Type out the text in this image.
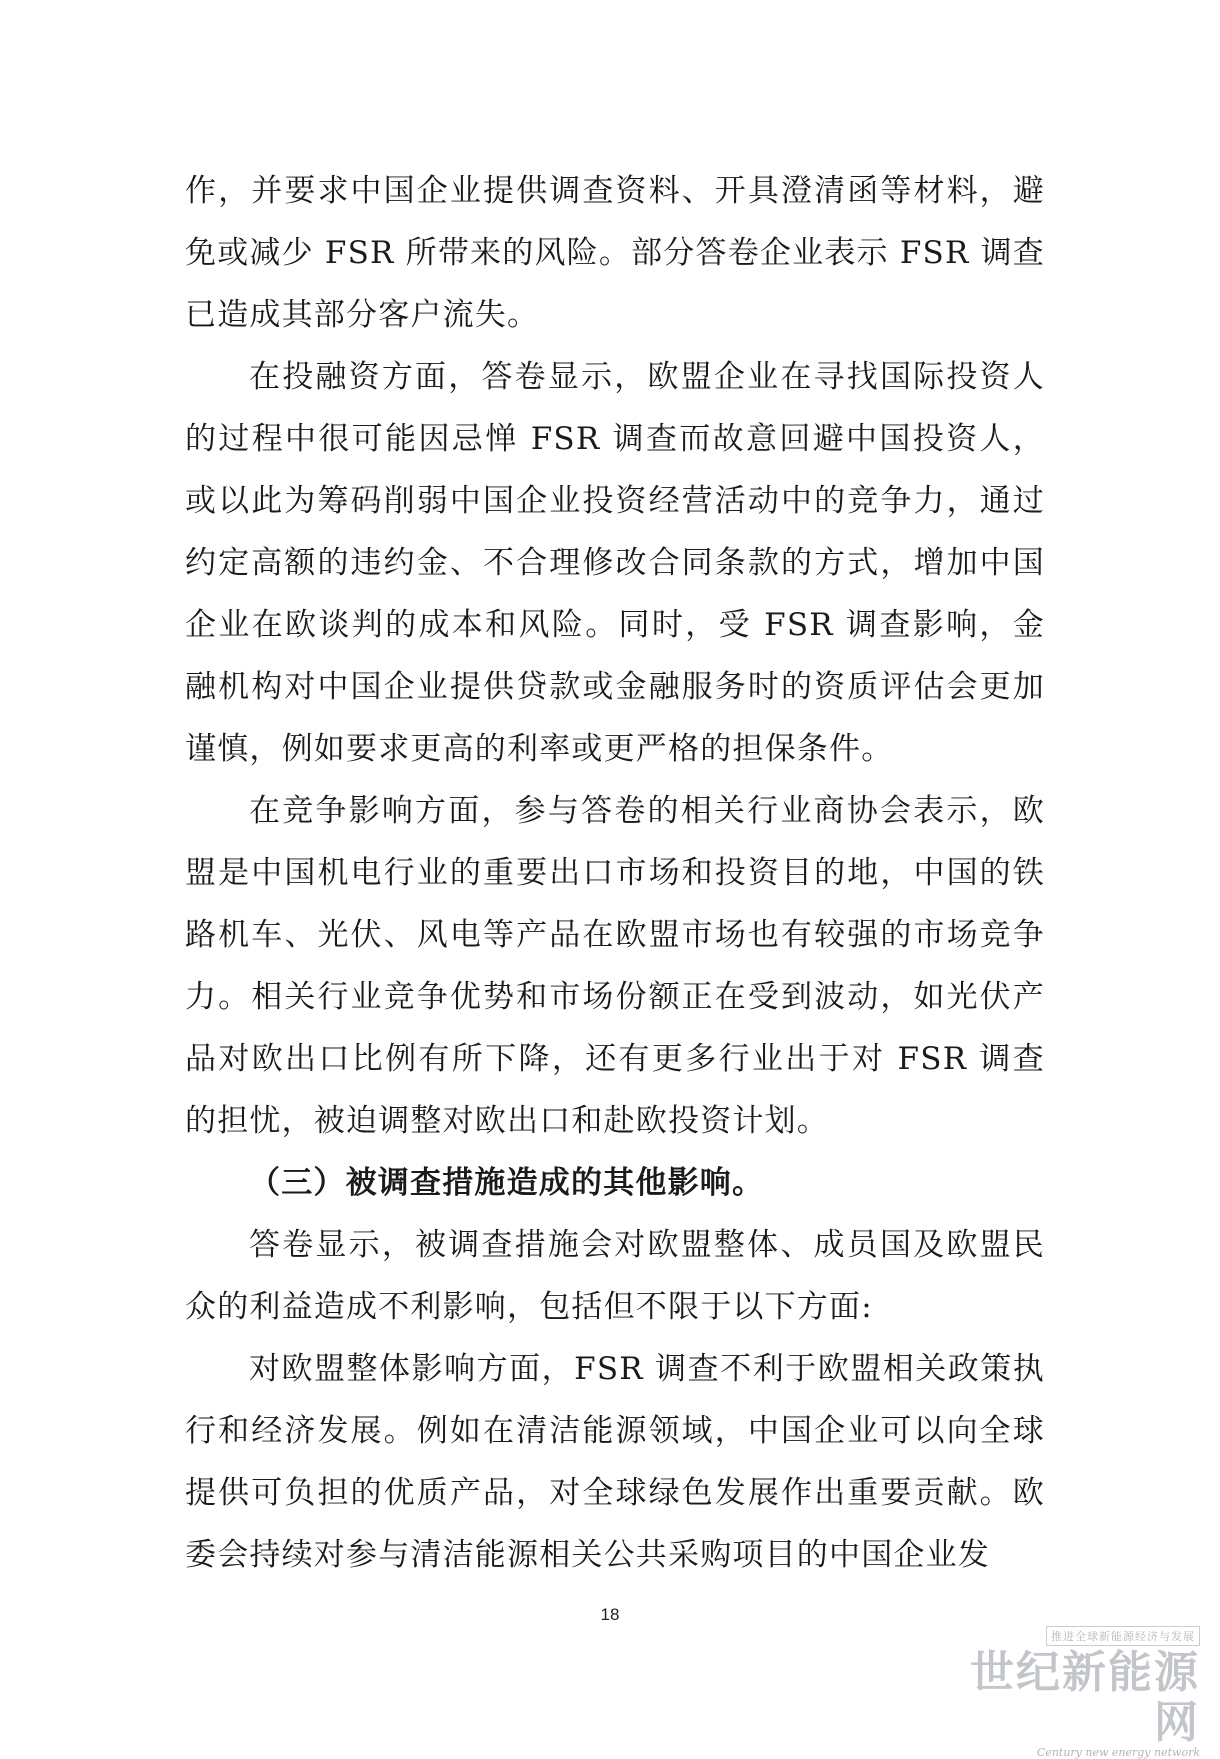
作，并要求中国企业提供调查资料、开具澄清函等材料，避免或减少 FSR 所带来的风险。部分答卷企业表示 FSR 调查已造成其部分客户流失。

在投融资方面，答卷显示，欧盟企业在寻找国际投资人的过程中很可能因忌惮 FSR 调查而故意回避中国投资人，或以此为筹码削弱中国企业投资经营活动中的竞争力，通过约定高额的违约金、不合理修改合同条款的方式，增加中国企业在欧谈判的成本和风险。同时，受 FSR 调查影响，金融机构对中国企业提供贷款或金融服务时的资质评估会更加谨慎，例如要求更高的利率或更严格的担保条件。

在竞争影响方面，参与答卷的相关行业商协会表示，欧盟是中国机电行业的重要出口市场和投资目的地，中国的铁路机车、光伏、风电等产品在欧盟市场也有较强的市场竞争力。相关行业竞争优势和市场份额正在受到波动，如光伏产品对欧出口比例有所下降，还有更多行业出于对 FSR 调查的担忧，被迫调整对欧出口和赴欧投资计划。

（三）被调查措施造成的其他影响。

答卷显示，被调查措施会对欧盟整体、成员国及欧盟民众的利益造成不利影响，包括但不限于以下方面:

对欧盟整体影响方面，FSR 调查不利于欧盟相关政策执行和经济发展。例如在清洁能源领域，中国企业可以向全球提供可负担的优质产品，对全球绿色发展作出重要贡献。欧委会持续对参与清洁能源相关公共采购项目的中国企业发

18
推进全球新能源经济与发展
世纪新能源网
Century new energy network
